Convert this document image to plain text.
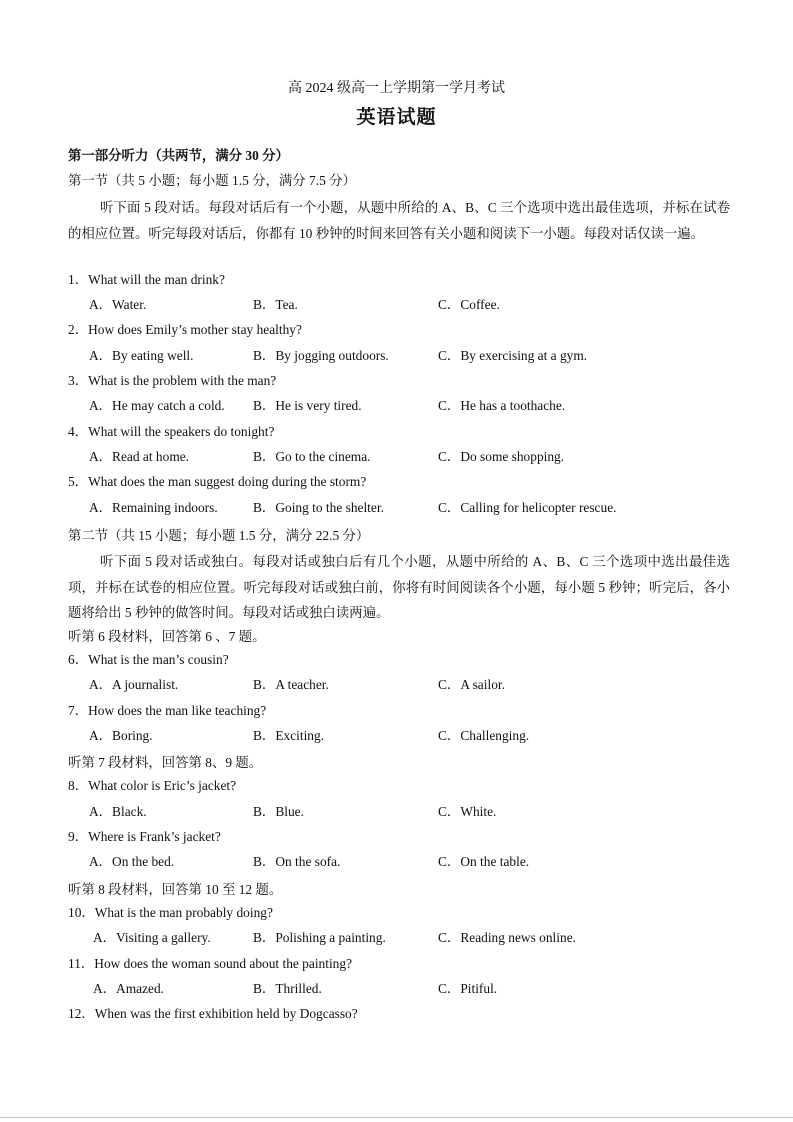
高 2024 级高一上学期第一学月考试
英语试题
第一部分听力（共两节，满分 30 分）
第一节（共 5 小题；每小题 1.5 分，满分 7.5 分）
听下面 5 段对话。每段对话后有一个小题，从题中所给的 A、B、C 三个选项中选出最佳选项，并标在试卷的相应位置。听完每段对话后，你都有 10 秒钟的时间来回答有关小题和阅读下一小题。每段对话仅读一遍。
1．What will the man drink?
A．Water.	B．Tea.	C．Coffee.
2．How does Emily’s mother stay healthy?
A．By eating well.	B．By jogging outdoors.	C．By exercising at a gym.
3．What is the problem with the man?
A．He may catch a cold. B．He is very tired.	C．He has a toothache.
4．What will the speakers do tonight?
A．Read at home.	B．Go to the cinema.	C．Do some shopping.
5．What does the man suggest doing during the storm?
A．Remaining indoors.	B．Going to the shelter.	C．Calling for helicopter rescue.
第二节（共 15 小题；每小题 1.5 分，满分 22.5 分）
听下面 5 段对话或独白。每段对话或独白后有几个小题，从题中所给的 A、B、C 三个选项中选出最佳选项，并标在试卷的相应位置。听完每段对话或独白前，你将有时间阅读各个小题，每小题 5 秒钟；听完后，各小题将给出 5 秒钟的做答时间。每段对话或独白读两遍。
听第 6 段材料，回答第 6 、7 题。
6．What is the man’s cousin?
A．A journalist.	B．A teacher.	C．A sailor.
7．How does the man like teaching?
A．Boring.	B．Exciting.	C．Challenging.
听第 7 段材料，回答第 8、9 题。
8．What color is Eric’s jacket?
A．Black.	B．Blue.	C．White.
9．Where is Frank’s jacket?
A．On the bed.	B．On the sofa.	C．On the table.
听第 8 段材料，回答第 10 至 12 题。
10．What is the man probably doing?
A．Visiting a gallery.	B．Polishing a painting.	C．Reading news online.
11．How does the woman sound about the painting?
A．Amazed.	B．Thrilled.	C．Pitiful.
12．When was the first exhibition held by Dogcasso?
